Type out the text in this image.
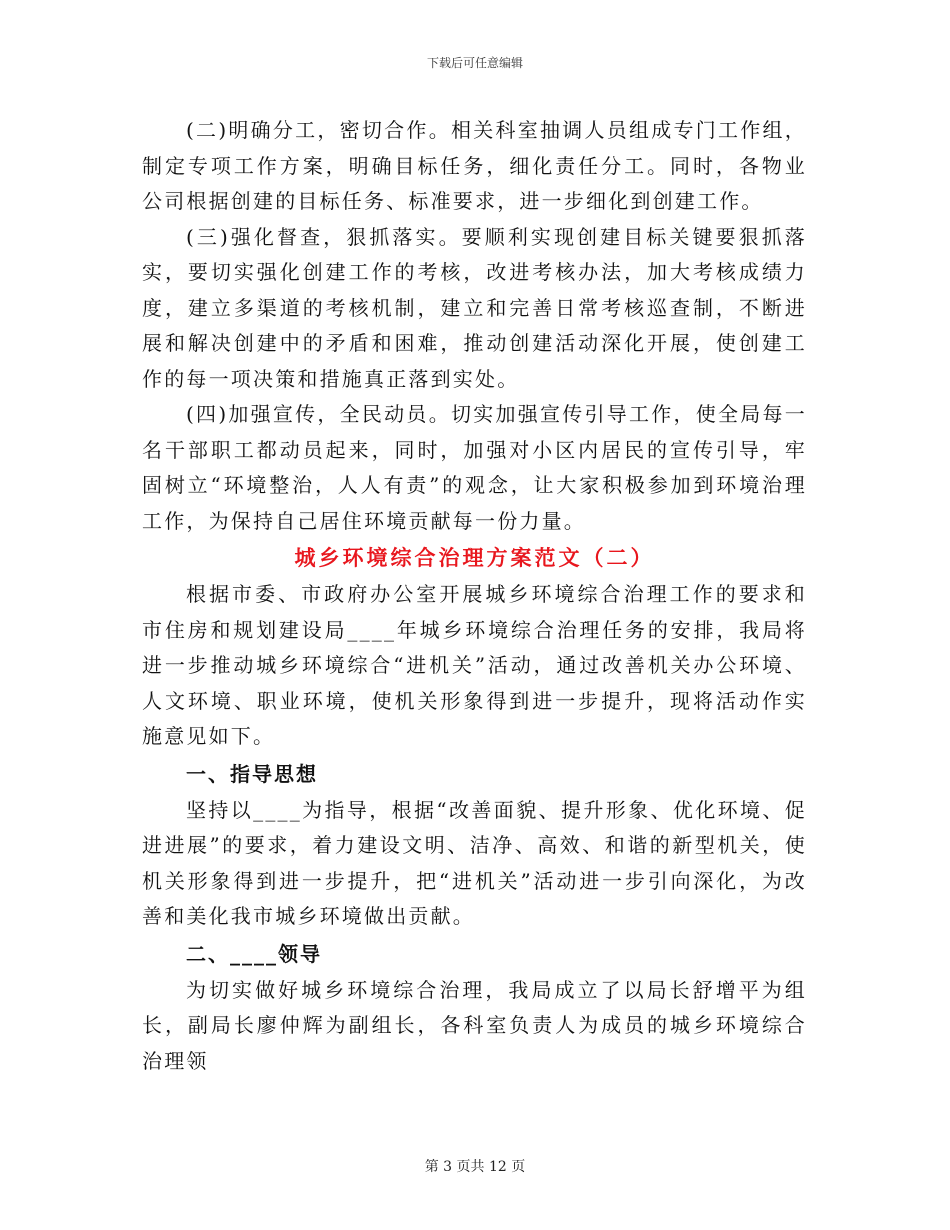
下载后可任意编辑

(二)明确分工，密切合作。相关科室抽调人员组成专门工作组，制定专项工作方案，明确目标任务，细化责任分工。同时，各物业公司根据创建的目标任务、标准要求，进一步细化到创建工作。

(三)强化督查，狠抓落实。要顺利实现创建目标关键要狠抓落实，要切实强化创建工作的考核，改进考核办法，加大考核成绩力度，建立多渠道的考核机制，建立和完善日常考核巡查制，不断进展和解决创建中的矛盾和困难，推动创建活动深化开展，使创建工作的每一项决策和措施真正落到实处。

(四)加强宣传，全民动员。切实加强宣传引导工作，使全局每一名干部职工都动员起来，同时，加强对小区内居民的宣传引导，牢固树立“环境整治，人人有责”的观念，让大家积极参加到环境治理工作，为保持自己居住环境贡献每一份力量。

城乡环境综合治理方案范文（二）

根据市委、市政府办公室开展城乡环境综合治理工作的要求和市住房和规划建设局____年城乡环境综合治理任务的安排，我局将进一步推动城乡环境综合“进机关”活动，通过改善机关办公环境、人文环境、职业环境，使机关形象得到进一步提升，现将活动作实施意见如下。

一、指导思想

坚持以____为指导，根据“改善面貌、提升形象、优化环境、促进进展”的要求，着力建设文明、洁净、高效、和谐的新型机关，使机关形象得到进一步提升，把“进机关”活动进一步引向深化，为改善和美化我市城乡环境做出贡献。

二、____领导

为切实做好城乡环境综合治理，我局成立了以局长舒增平为组长，副局长廖仲辉为副组长，各科室负责人为成员的城乡环境综合治理领

第 3 页共 12 页
